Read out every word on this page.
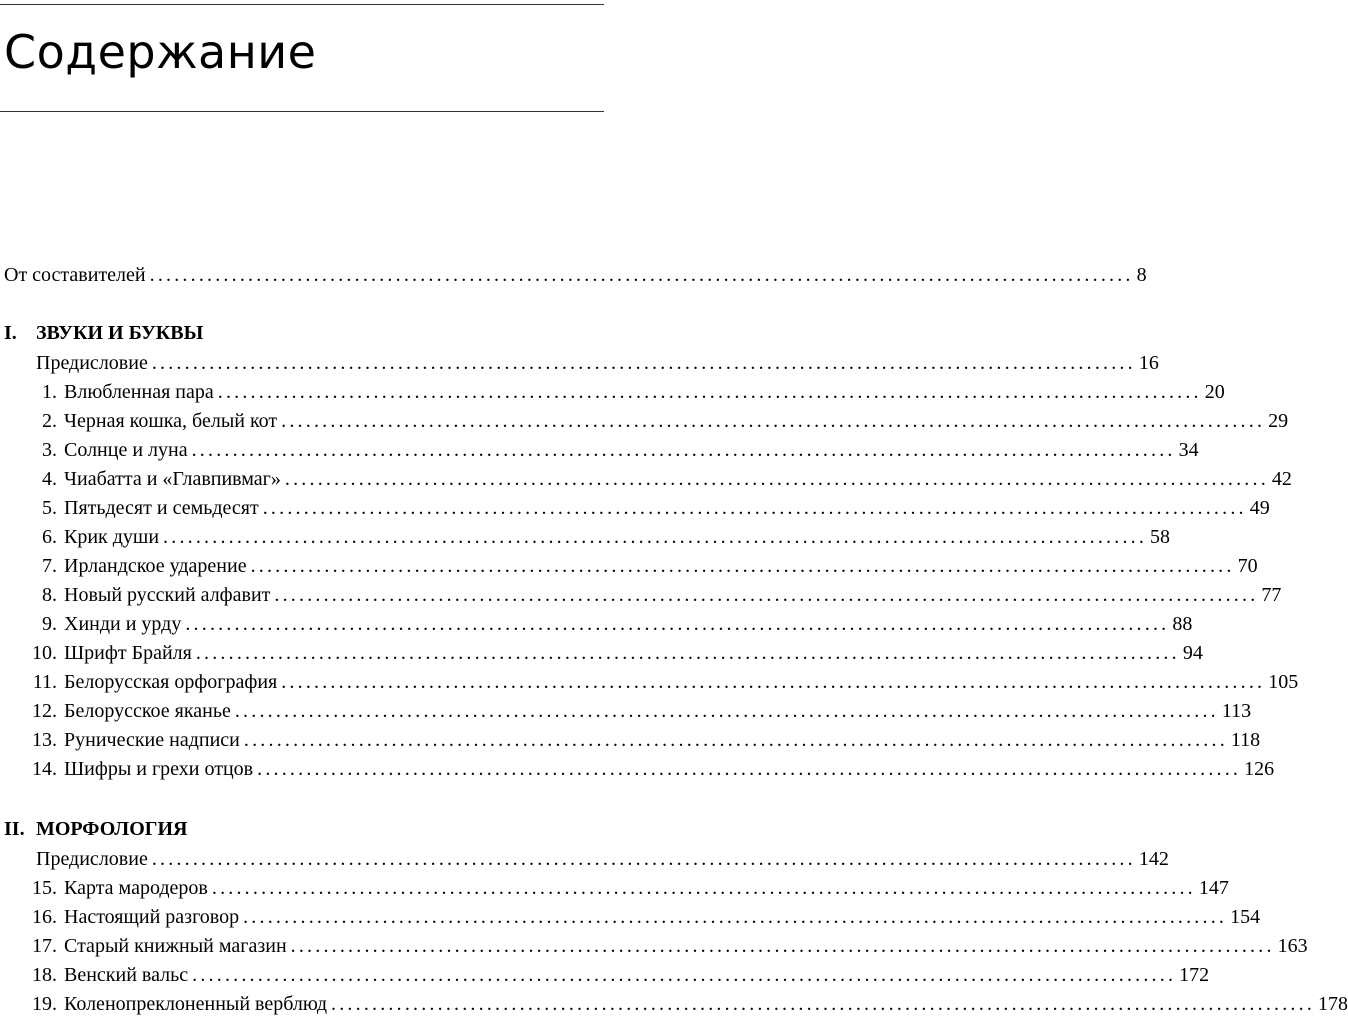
Содержание
От составителей ........................................................................................................................ 8
I. ЗВУКИ И БУКВЫ
Предисловие ........................................................................................................................ 16
1. Влюбленная пара ........................................................................................................................ 20
2. Черная кошка, белый кот ........................................................................................................................ 29
3. Солнце и луна ........................................................................................................................ 34
4. Чиабатта и «Главпивмаг» ........................................................................................................................ 42
5. Пятьдесят и семьдесят ........................................................................................................................ 49
6. Крик души ........................................................................................................................ 58
7. Ирландское ударение ........................................................................................................................ 70
8. Новый русский алфавит ........................................................................................................................ 77
9. Хинди и урду ........................................................................................................................ 88
10. Шрифт Брайля ........................................................................................................................ 94
11. Белорусская орфография ........................................................................................................................ 105
12. Белорусское яканье ........................................................................................................................ 113
13. Рунические надписи ........................................................................................................................ 118
14. Шифры и грехи отцов ........................................................................................................................ 126
II. МОРФОЛОГИЯ
Предисловие ........................................................................................................................ 142
15. Карта мародеров ........................................................................................................................ 147
16. Настоящий разговор ........................................................................................................................ 154
17. Старый книжный магазин ........................................................................................................................ 163
18. Венский вальс ........................................................................................................................ 172
19. Коленопреклоненный верблюд ........................................................................................................................ 178
